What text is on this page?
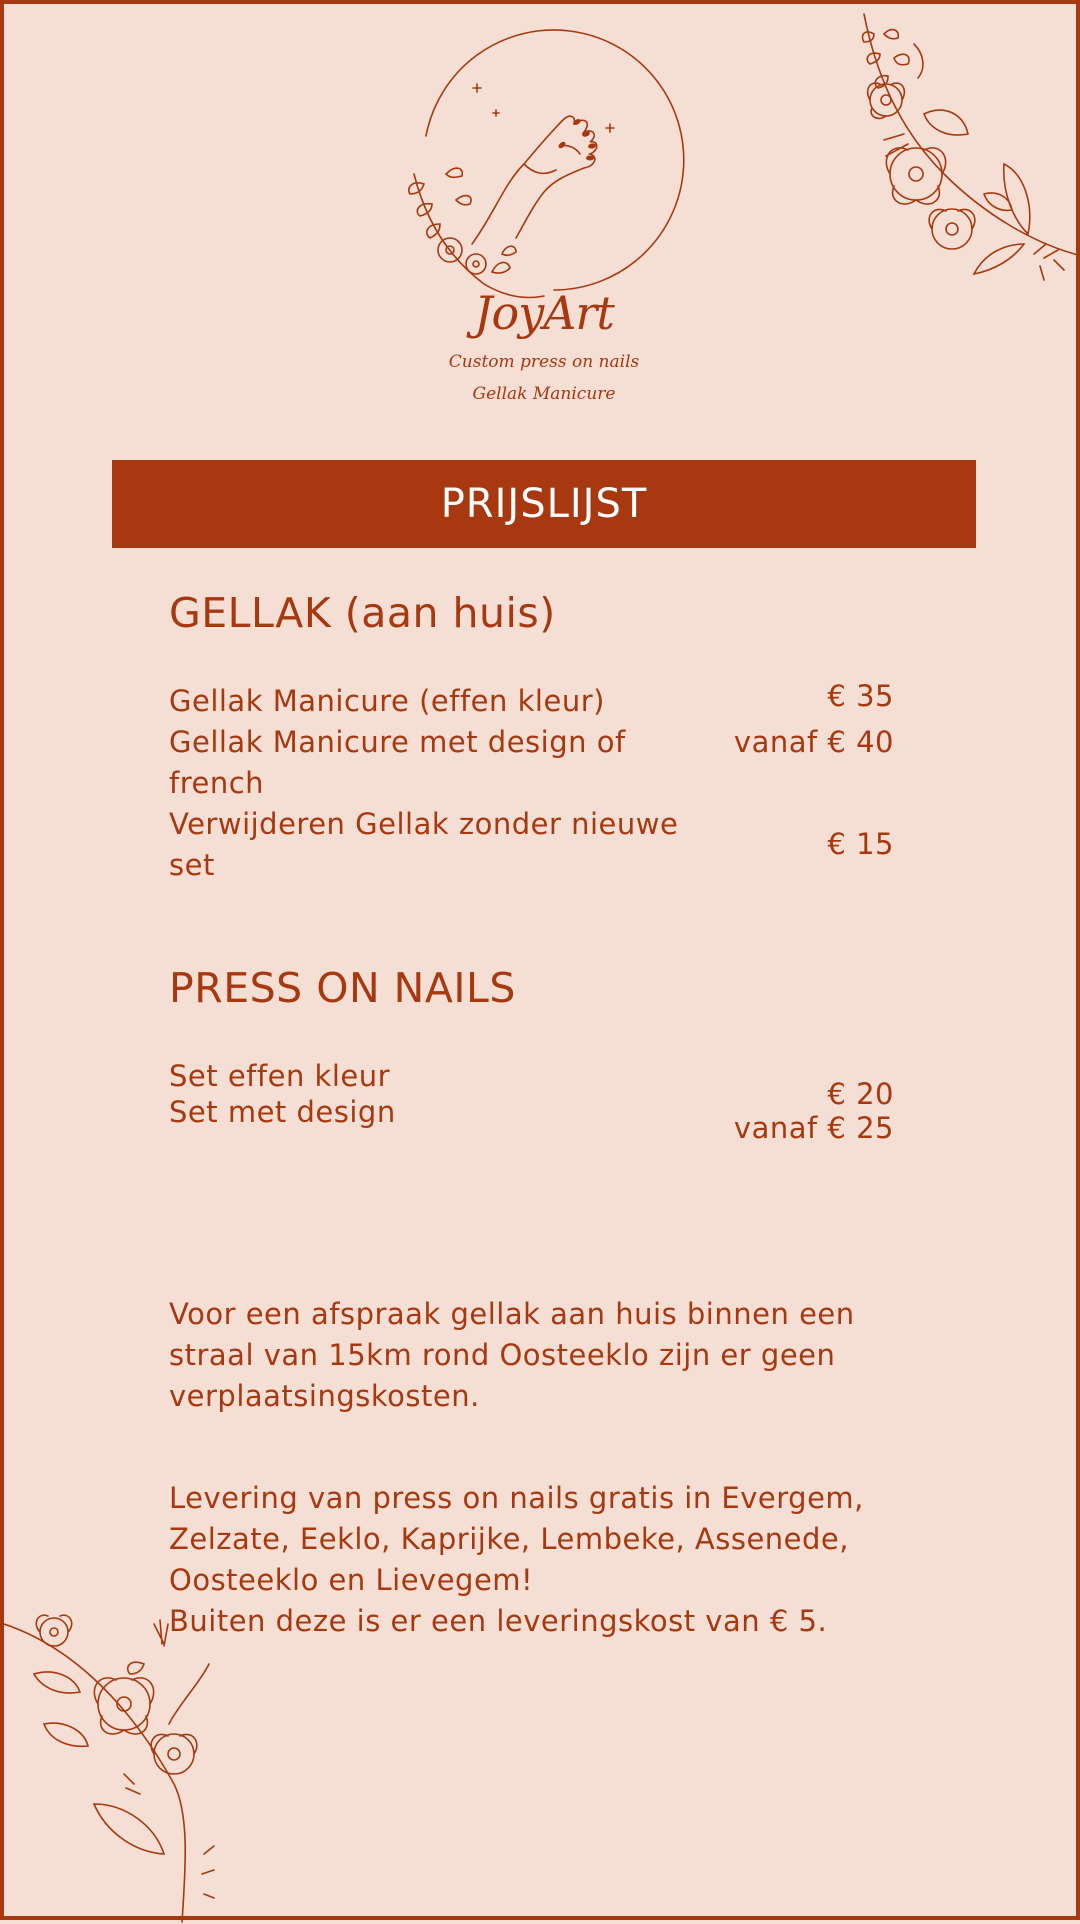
JoyArt
Custom press on nails
Gellak Manicure
PRIJSLIJST
GELLAK (aan huis)
Gellak Manicure (effen kleur)	€ 35
Gellak Manicure met design of french
vanaf € 40
Verwijderen Gellak zonder nieuwe set
€ 15
PRESS ON NAILS
Set effen kleur
Set met design
€ 20
vanaf € 25
Voor een afspraak gellak aan huis binnen een straal van 15km rond Oosteeklo zijn er geen verplaatsingskosten.
Levering van press on nails gratis in Evergem, Zelzate, Eeklo, Kaprijke, Lembeke, Assenede, Oosteeklo en Lievegem!
Buiten deze is er een leveringskost van € 5.
